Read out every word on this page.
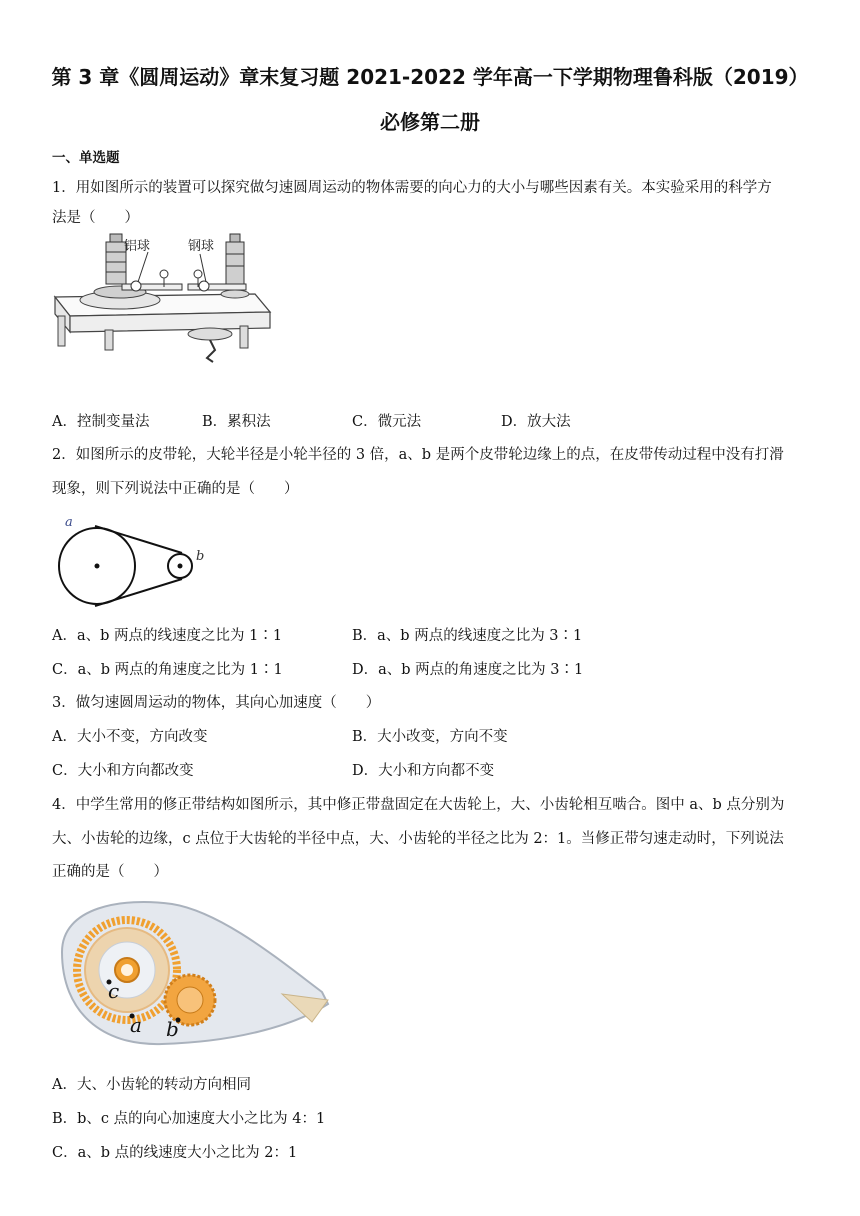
第 3 章《圆周运动》章末复习题 2021-2022 学年高一下学期物理鲁科版（2019）
必修第二册
一、单选题
1．用如图所示的装置可以探究做匀速圆周运动的物体需要的向心力的大小与哪些因素有关。本实验采用的科学方
法是（　　）
铝球	钢球
A．控制变量法	B．累积法	C．微元法	D．放大法
2．如图所示的皮带轮，大轮半径是小轮半径的 3 倍，a、b 是两个皮带轮边缘上的点，在皮带传动过程中没有打滑
现象，则下列说法中正确的是（　　）
a
b
A．a、b 两点的线速度之比为 1∶1	B．a、b 两点的线速度之比为 3∶1
C．a、b 两点的角速度之比为 1∶1	D．a、b 两点的角速度之比为 3∶1
3．做匀速圆周运动的物体，其向心加速度（　　）
A．大小不变，方向改变	B．大小改变，方向不变
C．大小和方向都改变	D．大小和方向都不变
4．中学生常用的修正带结构如图所示，其中修正带盘固定在大齿轮上，大、小齿轮相互啮合。图中 a、b 点分别为
大、小齿轮的边缘，c 点位于大齿轮的半径中点，大、小齿轮的半径之比为 2：1。当修正带匀速走动时，下列说法
正确的是（　　）
c
a b
A．大、小齿轮的转动方向相同
B．b、c 点的向心加速度大小之比为 4：1
C．a、b 点的线速度大小之比为 2：1
